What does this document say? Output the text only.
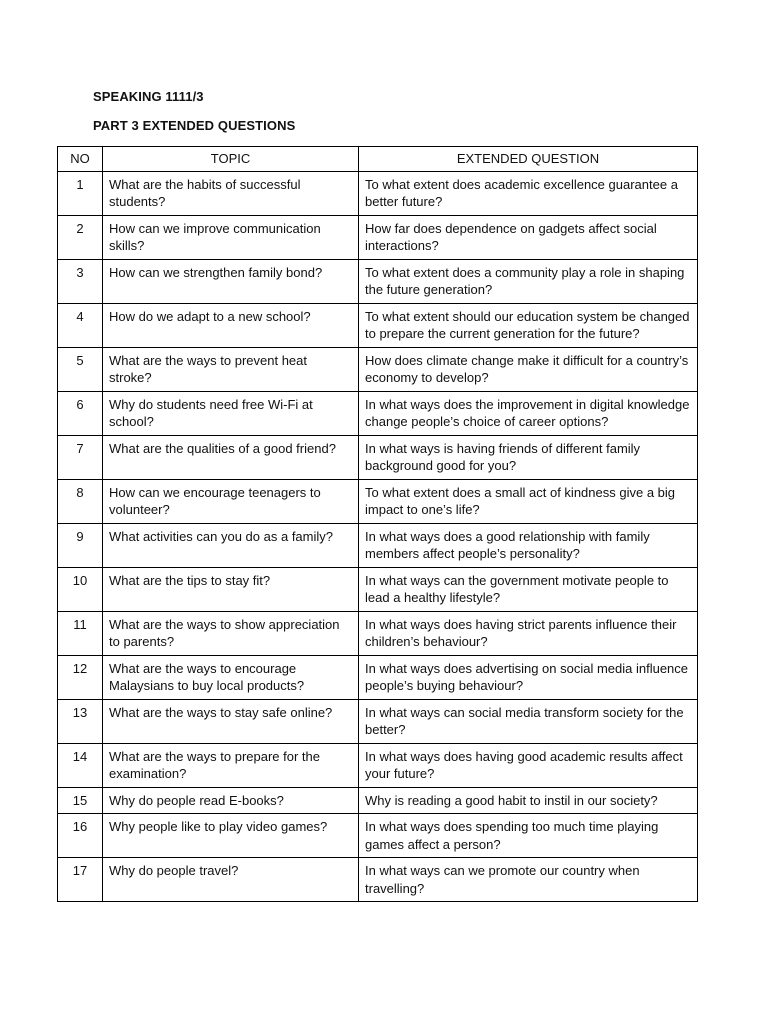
SPEAKING 1111/3
PART 3 EXTENDED QUESTIONS
NO	TOPIC	EXTENDED QUESTION
1	What are the habits of successful students?	To what extent does academic excellence guarantee a better future?
2	How can we improve communication skills?	How far does dependence on gadgets affect social interactions?
3	How can we strengthen family bond?	To what extent does a community play a role in shaping the future generation?
4	How do we adapt to a new school?	To what extent should our education system be changed to prepare the current generation for the future?
5	What are the ways to prevent heat stroke?	How does climate change make it difficult for a country’s economy to develop?
6	Why do students need free Wi-Fi at school?	In what ways does the improvement in digital knowledge change people’s choice of career options?
7	What are the qualities of a good friend?	In what ways is having friends of different family background good for you?
8	How can we encourage teenagers to volunteer?	To what extent does a small act of kindness give a big impact to one’s life?
9	What activities can you do as a family?	In what ways does a good relationship with family members affect people’s personality?
10	What are the tips to stay fit?	In what ways can the government motivate people to lead a healthy lifestyle?
11	What are the ways to show appreciation to parents?	In what ways does having strict parents influence their children’s behaviour?
12	What are the ways to encourage Malaysians to buy local products?	In what ways does advertising on social media influence people’s buying behaviour?
13	What are the ways to stay safe online?	In what ways can social media transform society for the better?
14	What are the ways to prepare for the examination?	In what ways does having good academic results affect your future?
15	Why do people read E-books?	Why is reading a good habit to instil in our society?
16	Why people like to play video games?	In what ways does spending too much time playing games affect a person?
17	Why do people travel?	In what ways can we promote our country when travelling?
